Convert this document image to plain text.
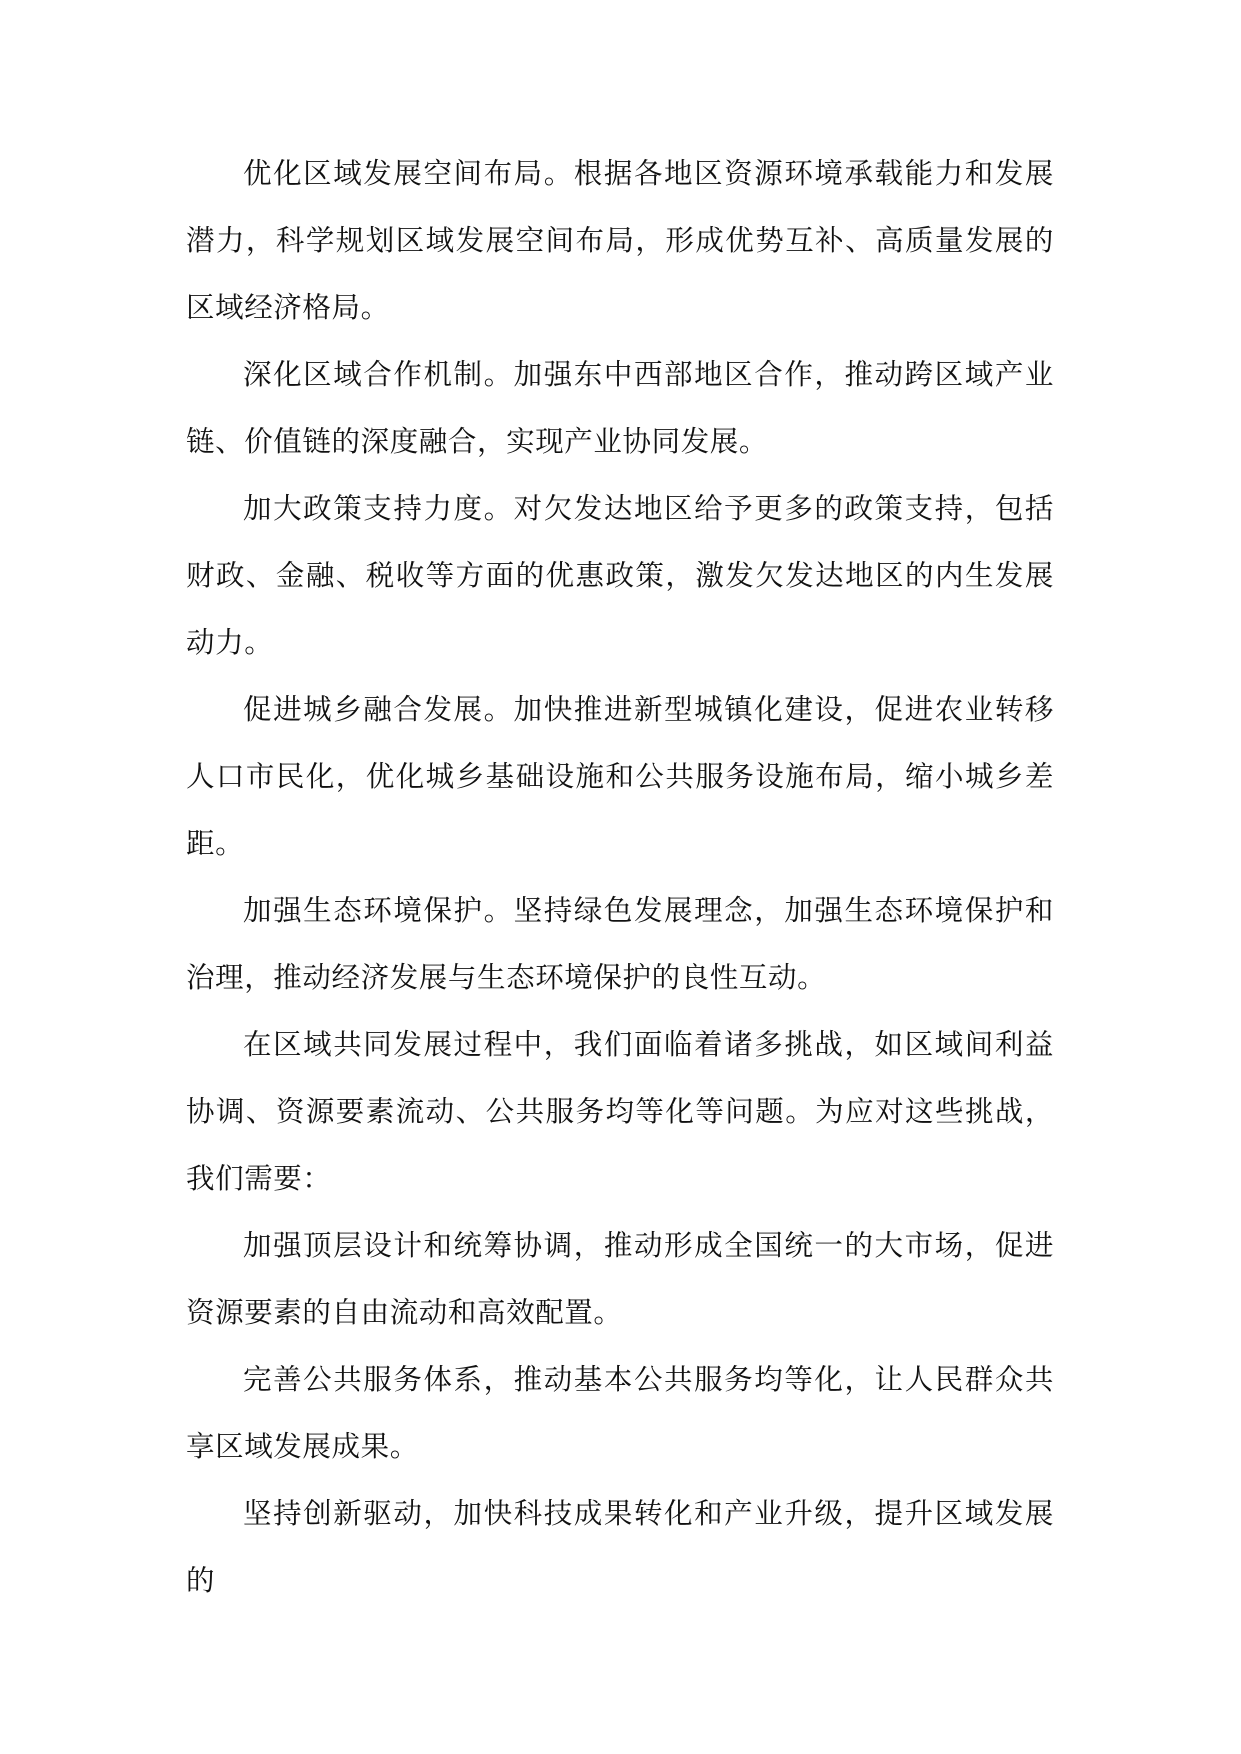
优化区域发展空间布局。根据各地区资源环境承载能力和发展潜力，科学规划区域发展空间布局，形成优势互补、高质量发展的区域经济格局。

深化区域合作机制。加强东中西部地区合作，推动跨区域产业链、价值链的深度融合，实现产业协同发展。

加大政策支持力度。对欠发达地区给予更多的政策支持，包括财政、金融、税收等方面的优惠政策，激发欠发达地区的内生发展动力。

促进城乡融合发展。加快推进新型城镇化建设，促进农业转移人口市民化，优化城乡基础设施和公共服务设施布局，缩小城乡差距。

加强生态环境保护。坚持绿色发展理念，加强生态环境保护和治理，推动经济发展与生态环境保护的良性互动。

在区域共同发展过程中，我们面临着诸多挑战，如区域间利益协调、资源要素流动、公共服务均等化等问题。为应对这些挑战，我们需要：

加强顶层设计和统筹协调，推动形成全国统一的大市场，促进资源要素的自由流动和高效配置。

完善公共服务体系，推动基本公共服务均等化，让人民群众共享区域发展成果。

坚持创新驱动，加快科技成果转化和产业升级，提升区域发展的
